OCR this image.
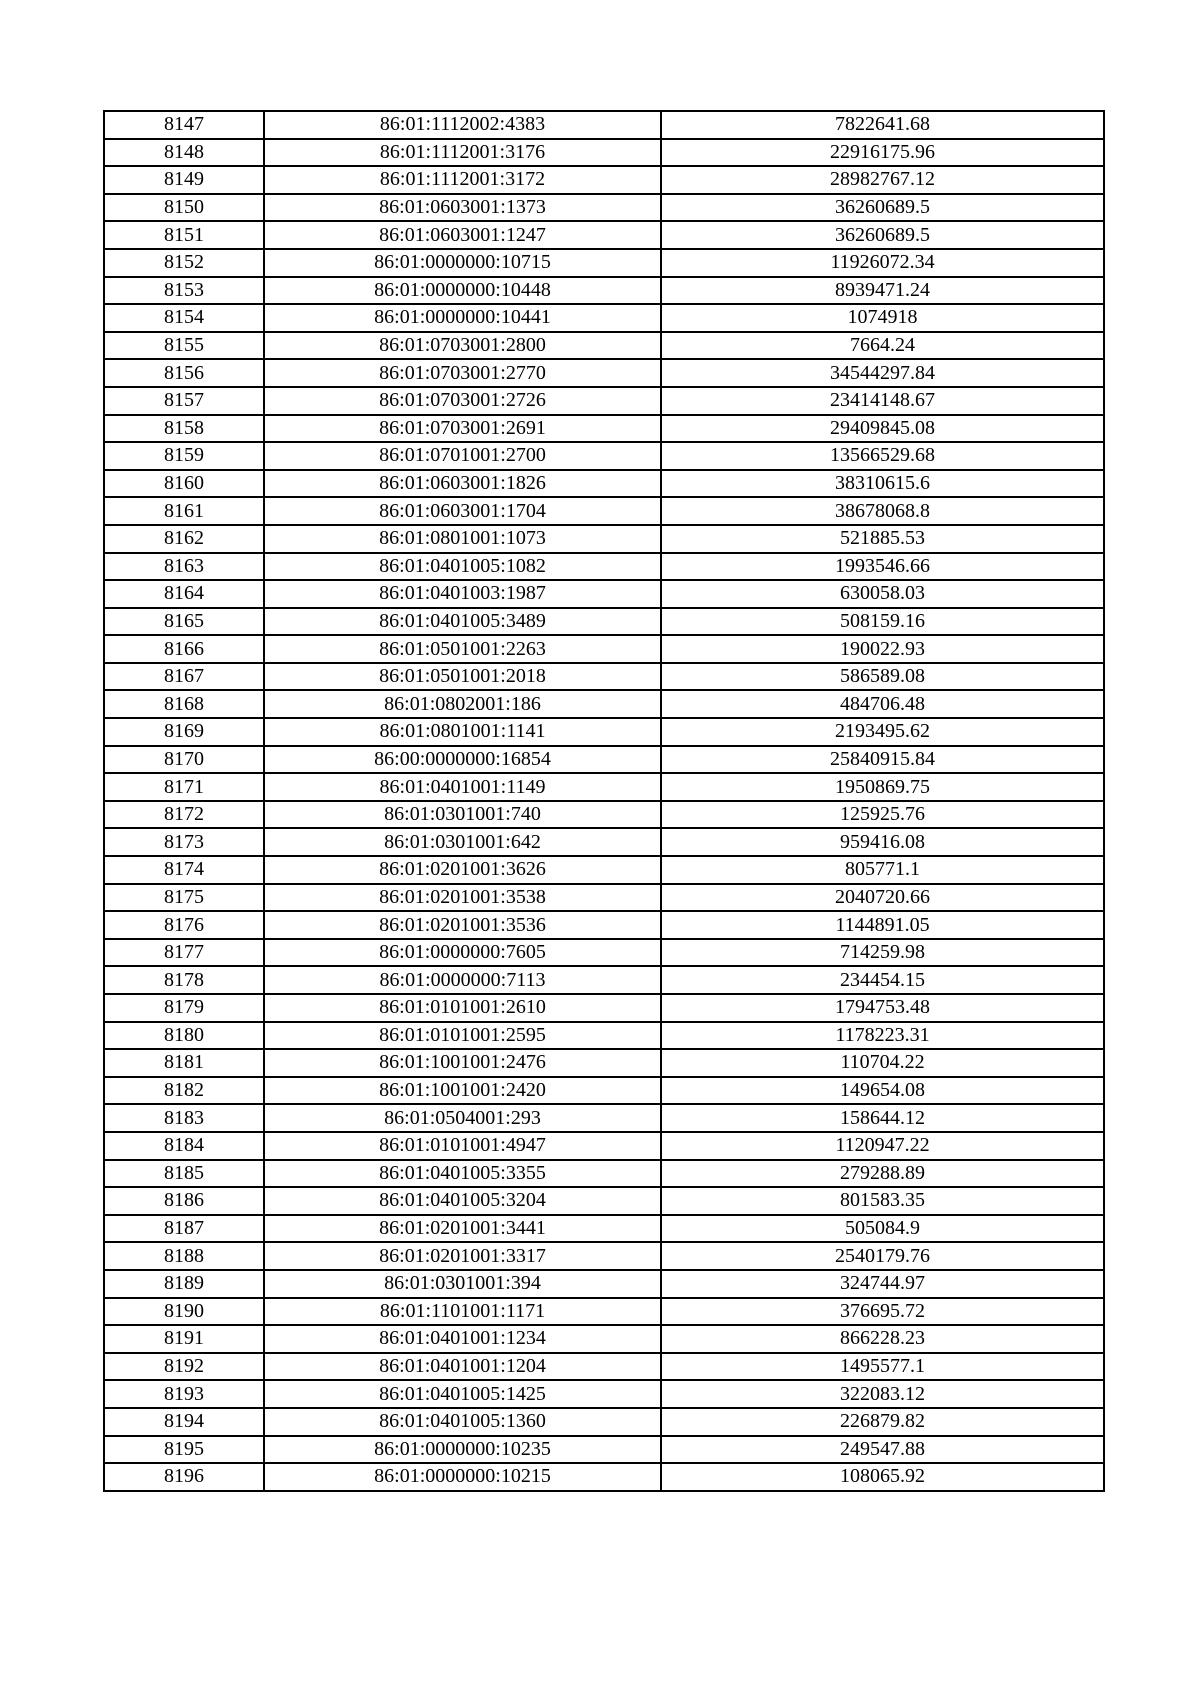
8147	86:01:1112002:4383	7822641.68
8148	86:01:1112001:3176	22916175.96
8149	86:01:1112001:3172	28982767.12
8150	86:01:0603001:1373	36260689.5
8151	86:01:0603001:1247	36260689.5
8152	86:01:0000000:10715	11926072.34
8153	86:01:0000000:10448	8939471.24
8154	86:01:0000000:10441	1074918
8155	86:01:0703001:2800	7664.24
8156	86:01:0703001:2770	34544297.84
8157	86:01:0703001:2726	23414148.67
8158	86:01:0703001:2691	29409845.08
8159	86:01:0701001:2700	13566529.68
8160	86:01:0603001:1826	38310615.6
8161	86:01:0603001:1704	38678068.8
8162	86:01:0801001:1073	521885.53
8163	86:01:0401005:1082	1993546.66
8164	86:01:0401003:1987	630058.03
8165	86:01:0401005:3489	508159.16
8166	86:01:0501001:2263	190022.93
8167	86:01:0501001:2018	586589.08
8168	86:01:0802001:186	484706.48
8169	86:01:0801001:1141	2193495.62
8170	86:00:0000000:16854	25840915.84
8171	86:01:0401001:1149	1950869.75
8172	86:01:0301001:740	125925.76
8173	86:01:0301001:642	959416.08
8174	86:01:0201001:3626	805771.1
8175	86:01:0201001:3538	2040720.66
8176	86:01:0201001:3536	1144891.05
8177	86:01:0000000:7605	714259.98
8178	86:01:0000000:7113	234454.15
8179	86:01:0101001:2610	1794753.48
8180	86:01:0101001:2595	1178223.31
8181	86:01:1001001:2476	110704.22
8182	86:01:1001001:2420	149654.08
8183	86:01:0504001:293	158644.12
8184	86:01:0101001:4947	1120947.22
8185	86:01:0401005:3355	279288.89
8186	86:01:0401005:3204	801583.35
8187	86:01:0201001:3441	505084.9
8188	86:01:0201001:3317	2540179.76
8189	86:01:0301001:394	324744.97
8190	86:01:1101001:1171	376695.72
8191	86:01:0401001:1234	866228.23
8192	86:01:0401001:1204	1495577.1
8193	86:01:0401005:1425	322083.12
8194	86:01:0401005:1360	226879.82
8195	86:01:0000000:10235	249547.88
8196	86:01:0000000:10215	108065.92
